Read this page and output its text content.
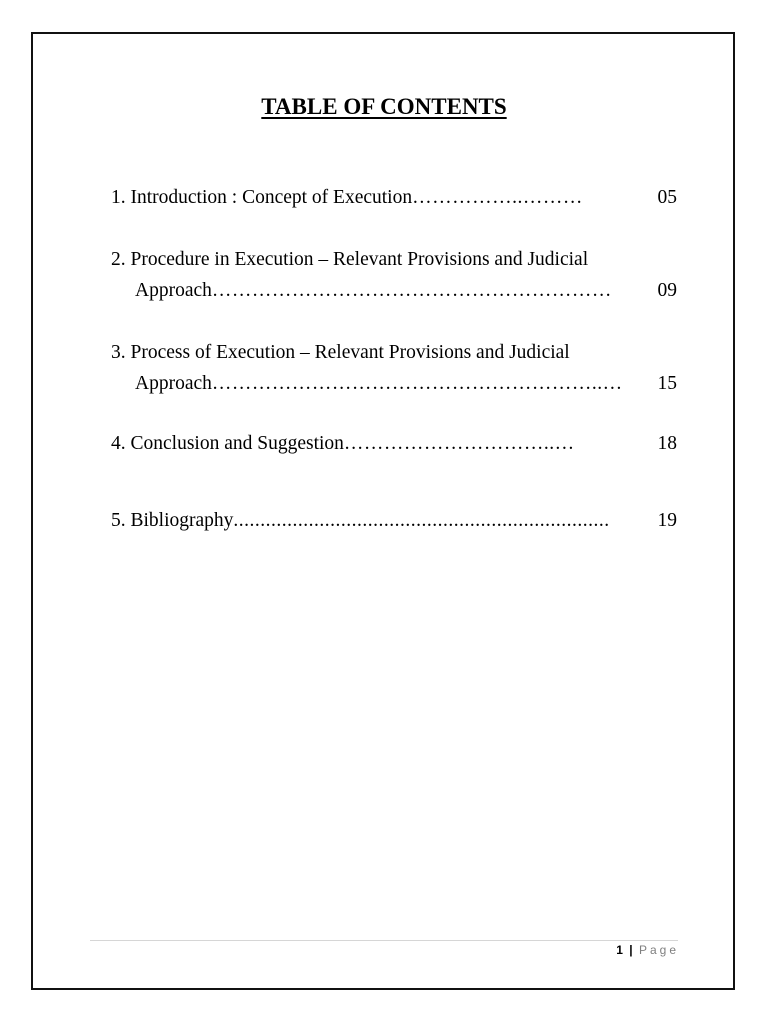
TABLE OF CONTENTS
1. Introduction : Concept of Execution ……………..………	05
2. Procedure in Execution – Relevant Provisions and Judicial
Approach ……………………………………………………	09
3. Process of Execution – Relevant Provisions and Judicial
Approach …………………………………………………..…	15
4. Conclusion and Suggestion …………………………..…	18
5. Bibliography ......................................................................	19
1 | Page
